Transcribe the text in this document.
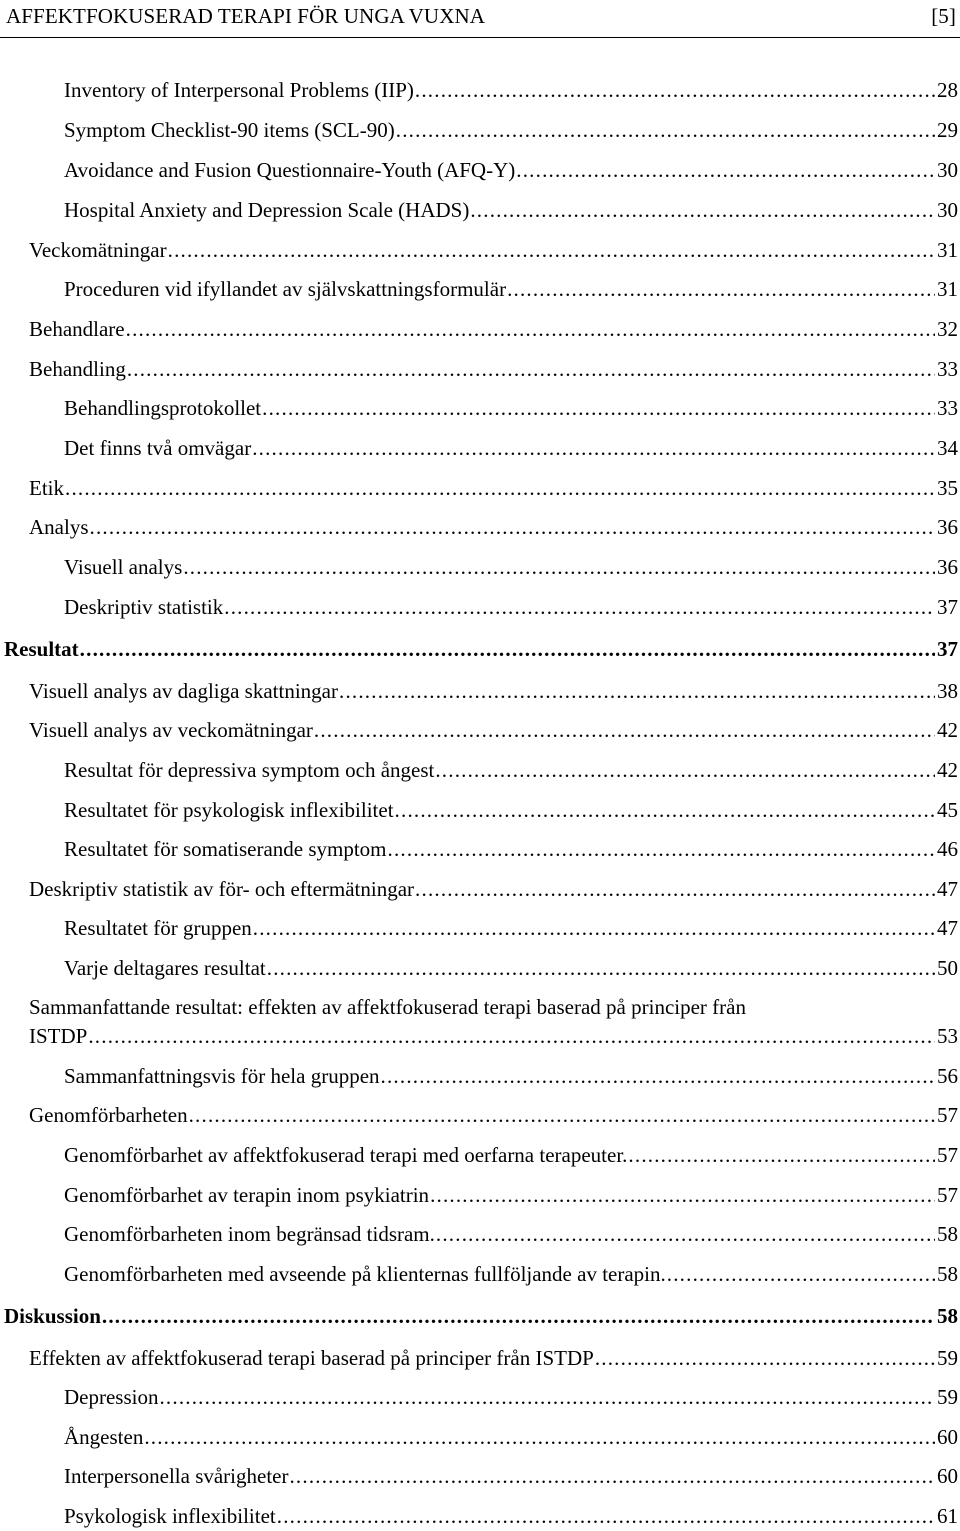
AFFEKTFOKUSERAD TERAPI FÖR UNGA VUXNA	[5]
Inventory of Interpersonal Problems (IIP) .....	28
Symptom Checklist-90 items (SCL-90) .....	29
Avoidance and Fusion Questionnaire-Youth (AFQ-Y) .....	30
Hospital Anxiety and Depression Scale (HADS) .....	30
Veckomätningar .....	31
Proceduren vid ifyllandet av självskattningsformulär .....	31
Behandlare .....	32
Behandling .....	33
Behandlingsprotokollet .....	33
Det finns två omvägar .....	34
Etik .....	35
Analys .....	36
Visuell analys .....	36
Deskriptiv statistik .....	37
Resultat .....	37
Visuell analys av dagliga skattningar .....	38
Visuell analys av veckomätningar .....	42
Resultat för depressiva symptom och ångest .....	42
Resultatet för psykologisk inflexibilitet .....	45
Resultatet för somatiserande symptom .....	46
Deskriptiv statistik av för- och eftermätningar .....	47
Resultatet för gruppen .....	47
Varje deltagares resultat .....	50
Sammanfattande resultat: effekten av affektfokuserad terapi baserad på principer från
ISTDP .....	53
Sammanfattningsvis för hela gruppen .....	56
Genomförbarheten .....	57
Genomförbarhet av affektfokuserad terapi med oerfarna terapeuter. .....	57
Genomförbarhet av terapin inom psykiatrin .....	57
Genomförbarheten inom begränsad tidsram. .....	58
Genomförbarheten med avseende på klienternas fullföljande av terapin. .....	58
Diskussion .....	58
Effekten av affektfokuserad terapi baserad på principer från ISTDP .....	59
Depression .....	59
Ångesten .....	60
Interpersonella svårigheter .....	60
Psykologisk inflexibilitet .....	61
